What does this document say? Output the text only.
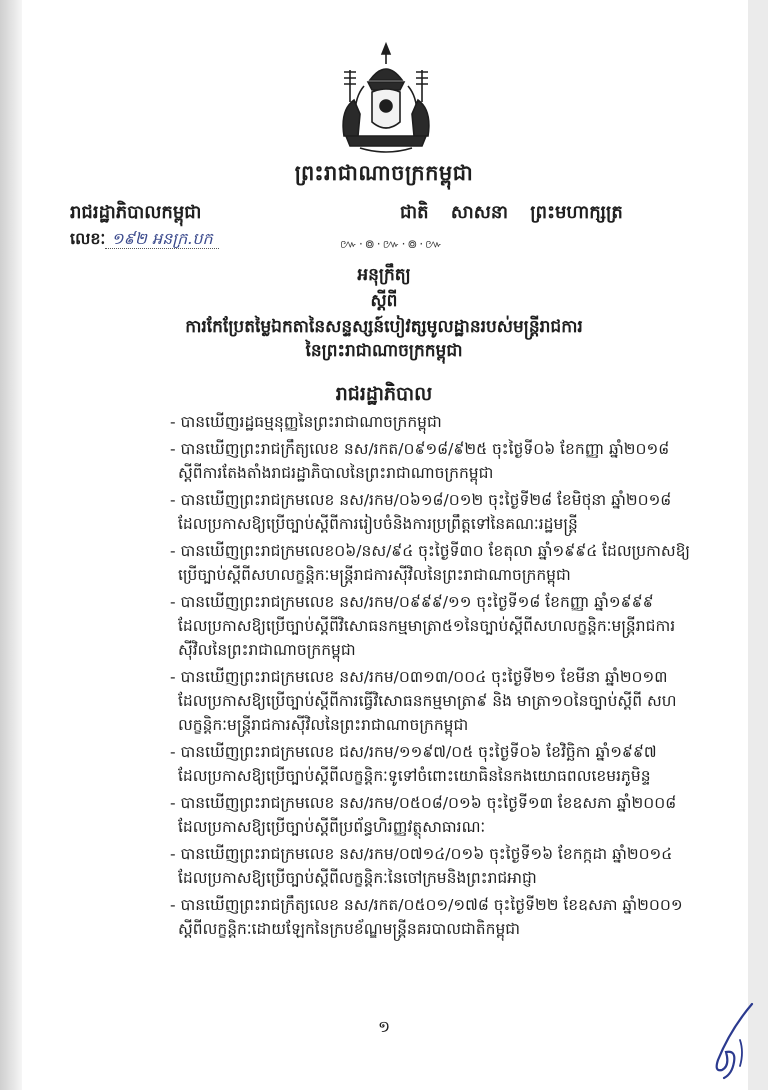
ព្រះរាជាណាចក្រកម្ពុជា
រាជរដ្ឋាភិបាលកម្ពុជា	ជាតិ សាសនា ព្រះមហាក្សត្រ
លេខៈ ១៩២ អនក្រ.បក	៚·៙·៚·៙·៚
អនុក្រឹត្យ
ស្តីពី
ការកែប្រែតម្លៃឯកតានៃសន្ទស្សន៍បៀវត្សមូលដ្ឋានរបស់មន្ត្រីរាជការ
នៃព្រះរាជាណាចក្រកម្ពុជា
រាជរដ្ឋាភិបាល
- បានឃើញរដ្ឋធម្មនុញ្ញនៃព្រះរាជាណាចក្រកម្ពុជា
- បានឃើញព្រះរាជក្រឹត្យលេខ នស/រកត/០៩១៨/៩២៥ ចុះថ្ងៃទី០៦ ខែកញ្ញា ឆ្នាំ២០១៨
ស្តីពីការតែងតាំងរាជរដ្ឋាភិបាលនៃព្រះរាជាណាចក្រកម្ពុជា
- បានឃើញព្រះរាជក្រមលេខ នស/រកម/០៦១៨/០១២ ចុះថ្ងៃទី២៨ ខែមិថុនា ឆ្នាំ២០១៨
ដែលប្រកាសឱ្យប្រើច្បាប់ស្តីពីការរៀបចំនិងការប្រព្រឹត្តទៅនៃគណៈរដ្ឋមន្ត្រី
- បានឃើញព្រះរាជក្រមលេខ០៦/នស/៩៤ ចុះថ្ងៃទី៣០ ខែតុលា ឆ្នាំ១៩៩៤ ដែលប្រកាសឱ្យ
ប្រើច្បាប់ស្តីពីសហលក្ខន្តិកៈមន្ត្រីរាជការស៊ីវិលនៃព្រះរាជាណាចក្រកម្ពុជា
- បានឃើញព្រះរាជក្រមលេខ នស/រកម/០៩៩៩/១១ ចុះថ្ងៃទី១៨ ខែកញ្ញា ឆ្នាំ១៩៩៩
ដែលប្រកាសឱ្យប្រើច្បាប់ស្តីពីវិសោធនកម្មមាត្រា៥១នៃច្បាប់ស្តីពីសហលក្ខន្តិកៈមន្ត្រីរាជការ ស៊ីវិលនៃព្រះរាជាណាចក្រកម្ពុជា
- បានឃើញព្រះរាជក្រមលេខ នស/រកម/០៣១៣/០០៤ ចុះថ្ងៃទី២១ ខែមីនា ឆ្នាំ២០១៣
ដែលប្រកាសឱ្យប្រើច្បាប់ស្តីពីការធ្វើវិសោធនកម្មមាត្រា៩ និង មាត្រា១០នៃច្បាប់ស្តីពី សហលក្ខន្តិកៈមន្ត្រីរាជការស៊ីវិលនៃព្រះរាជាណាចក្រកម្ពុជា
- បានឃើញព្រះរាជក្រមលេខ ជស/រកម/១១៩៧/០៥ ចុះថ្ងៃទី០៦ ខែវិច្ឆិកា ឆ្នាំ១៩៩៧
ដែលប្រកាសឱ្យប្រើច្បាប់ស្តីពីលក្ខន្តិកៈទូទៅចំពោះយោធិននៃកងយោធពលខេមរភូមិន្ទ
- បានឃើញព្រះរាជក្រមលេខ នស/រកម/០៥០៨/០១៦ ចុះថ្ងៃទី១៣ ខែឧសភា ឆ្នាំ២០០៨
ដែលប្រកាសឱ្យប្រើច្បាប់ស្តីពីប្រព័ន្ធហិរញ្ញវត្ថុសាធារណៈ
- បានឃើញព្រះរាជក្រមលេខ នស/រកម/០៧១៤/០១៦ ចុះថ្ងៃទី១៦ ខែកក្កដា ឆ្នាំ២០១៤
ដែលប្រកាសឱ្យប្រើច្បាប់ស្តីពីលក្ខន្តិកៈនៃចៅក្រមនិងព្រះរាជអាជ្ញា
- បានឃើញព្រះរាជក្រឹត្យលេខ នស/រកត/០៥០១/១៧៨ ចុះថ្ងៃទី២២ ខែឧសភា ឆ្នាំ២០០១
ស្តីពីលក្ខន្តិកៈដោយឡែកនៃក្របខ័ណ្ឌមន្ត្រីនគរបាលជាតិកម្ពុជា
១
